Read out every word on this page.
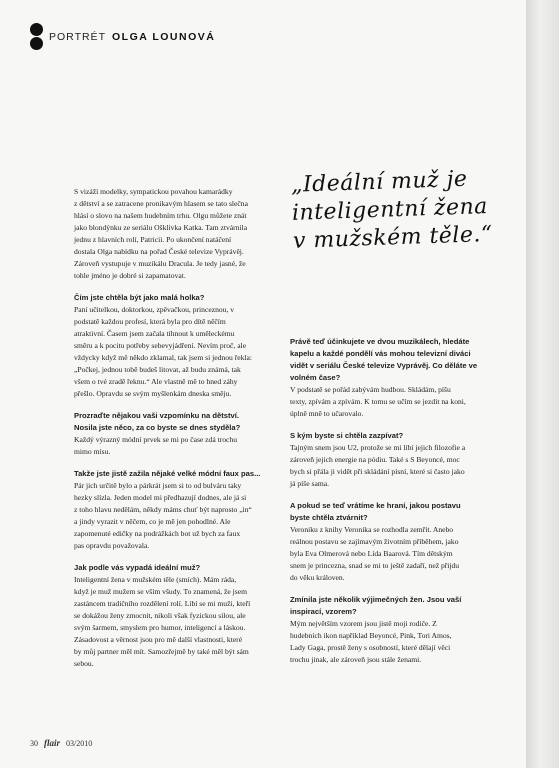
PORTRÉT OLGA LOUNOVÁ
„Ideální muž je
inteligentní žena
v mužském těle.“

S vizáží modelky, sympatickou povahou kamarádky
z dětství a se zatracene pronikavým hlasem se tato slečna
hlásí o slovo na našem hudebním trhu. Olgu můžete znát
jako blondýnku ze seriálu Ošklivka Katka. Tam ztvárnila
jednu z hlavních rolí, Patricii. Po ukončení natáčení
dostala Olga nabídku na pořad České televize Vyprávěj.
Zároveň vystupuje v muzikálu Dracula. Je tedy jasné, že
tohle jméno je dobré si zapamatovat.

Čím jste chtěla být jako malá holka?
Paní učitelkou, doktorkou, zpěvačkou, princeznou, v
podstatě každou profesí, která byla pro dítě něčím
atraktivní. Časem jsem začala tíhnout k uměleckému
směru a k pocitu potřeby sebevyjádření. Nevím proč, ale
vždycky když mě někdo zklamal, tak jsem si jednou řekla:
„Počkej, jednou tobě budeš litovat, až budu známá, tak
všem o tvé zradě řeknu.“ Ale vlastně mě to hned záhy
přešlo. Opravdu se svým myšlenkám dneska směju.

Prozraďte nějakou vaši vzpomínku na dětství.
Nosila jste něco, za co byste se dnes styděla?
Každý výrazný módní prvek se mi po čase zdá trochu
mimo mísu.

Takže jste jistě zažila nějaké velké módní faux pas...
Pár jich určitě bylo a párkrát jsem si to od bulváru taky
hezky slízla. Jeden model mi předhazují dodnes, ale já si
z toho hlavu nedělám, někdy máms chuť být naprosto „in“
a jindy vyrazit v něčem, co je mě jen pohodlné. Ale
zapomenuté edičky na podrážkách bot už bych za faux
pas opravdu považovala.

Jak podle vás vypadá ideální muž?
Inteligentní žena v mužském těle (smích). Mám ráda,
když je muž mužem se vším všudy. To znamená, že jsem
zastáncem tradičního rozdělení rolí. Líbí se mi muži, kteří
se dokážou ženy zmocnit, nikoli však fyzickou silou, ale
svým šarmem, smyslem pro humor, inteligencí a láskou.
Zásadovost a věrnost jsou pro mě další vlastnosti, které
by můj partner měl mít. Samozřejmě by také měl být sám
sebou.

Právě teď účinkujete ve dvou muzikálech, hledáte
kapelu a každé pondělí vás mohou televizní diváci
vidět v seriálu České televize Vyprávěj. Co děláte ve
volném čase?
V podstatě se pořád zabývám hudbou. Skládám, píšu
texty, zpívám a zpívám. K tomu se učím se jezdit na koni,
úplně mně to učarovalo.

S kým byste si chtěla zazpívat?
Tajným snem jsou U2, protože se mi líbí jejich filozofie a
zároveň jejich energie na pódiu. Také s S Beyoncé, moc
bych si přála ji vidět při skládání písní, které si často jako
já píše sama.

A pokud se teď vrátíme ke hraní, jakou postavu
byste chtěla ztvárnit?
Veroniku z knihy Veronika se rozhodla zemřít. Anebo
reálnou postavu se zajímavým životním příběhem, jako
byla Eva Olmerová nebo Lída Baarová. Tím dětským
snem je princezna, snad se mi to ještě zadaří, než přijdu
do věku královen.

Zmínila jste několik výjimečných žen. Jsou vaší
inspirací, vzorem?
Mým největším vzorem jsou jistě moji rodiče. Z
hudebních ikon například Beyoncé, Pink, Tori Amos,
Lady Gaga, prostě ženy s osobností, které dělají věci
trochu jinak, ale zároveň jsou stále ženami.

30 flair 03/2010
